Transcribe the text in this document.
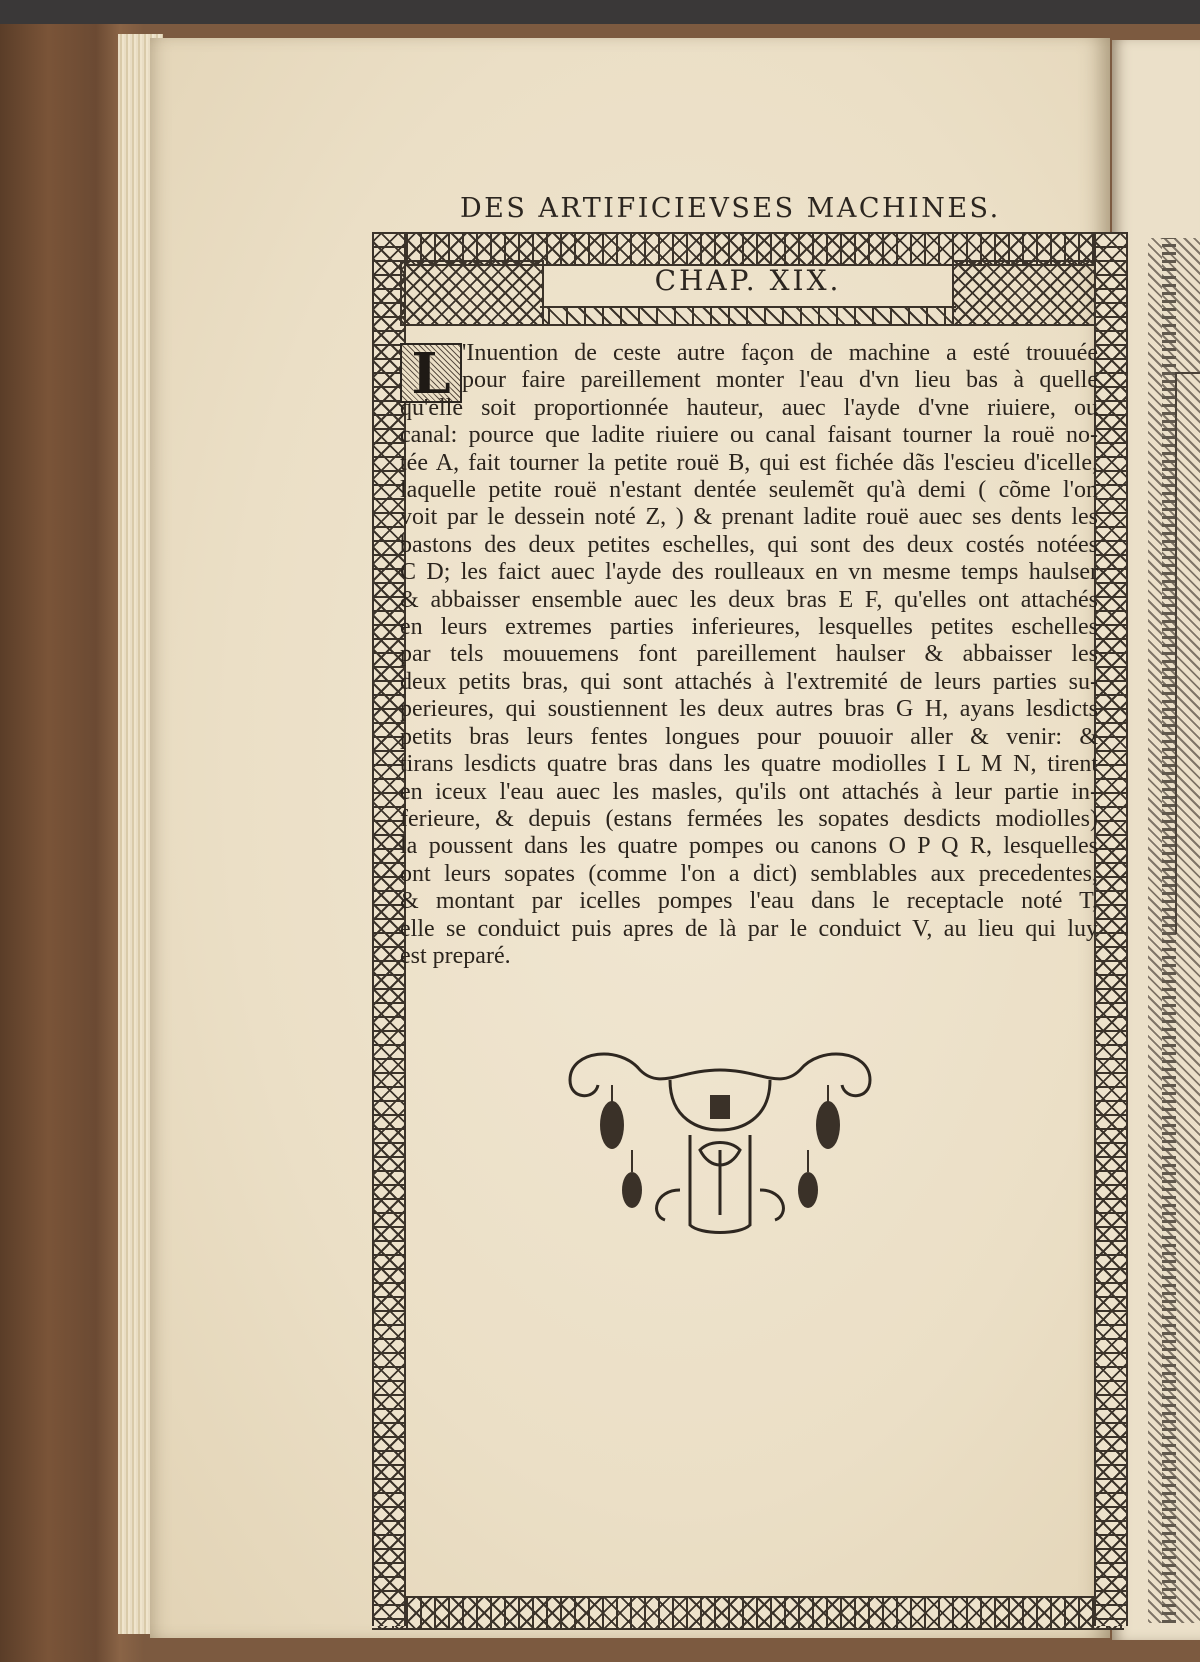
DES ARTIFICIEVSES MACHINES.
CHAP. XIX.
L 'Inuention de ceste autre façon de machine a esté trouuée
pour faire pareillement monter l'eau d'vn lieu bas à quelle
qu'elle soit proportionnée hauteur, auec l'ayde d'vne riuiere, ou
canal: pource que ladite riuiere ou canal faisant tourner la rouë no-
tée A, fait tourner la petite rouë B, qui est fichée dãs l'escieu d'icelle,
laquelle petite rouë n'estant dentée seulemẽt qu'à demi ( cõme l'on
voit par le dessein noté Z, ) & prenant ladite rouë auec ses dents les
bastons des deux petites eschelles, qui sont des deux costés notées
C D; les faict auec l'ayde des roulleaux en vn mesme temps haulser
& abbaisser ensemble auec les deux bras E F, qu'elles ont attachés
en leurs extremes parties inferieures, lesquelles petites eschelles
par tels mouuemens font pareillement haulser & abbaisser les
deux petits bras, qui sont attachés à l'extremité de leurs parties su-
perieures, qui soustiennent les deux autres bras G H, ayans lesdicts
petits bras leurs fentes longues pour pouuoir aller & venir: &
tirans lesdicts quatre bras dans les quatre modiolles I L M N, tirent
en iceux l'eau auec les masles, qu'ils ont attachés à leur partie in-
ferieure, & depuis (estans fermées les sopates desdicts modiolles)
la poussent dans les quatre pompes ou canons O P Q R, lesquelles
ont leurs sopates (comme l'on a dict) semblables aux precedentes,
& montant par icelles pompes l'eau dans le receptacle noté T,
elle se conduict puis apres de là par le conduict V, au lieu qui luy
est preparé.
